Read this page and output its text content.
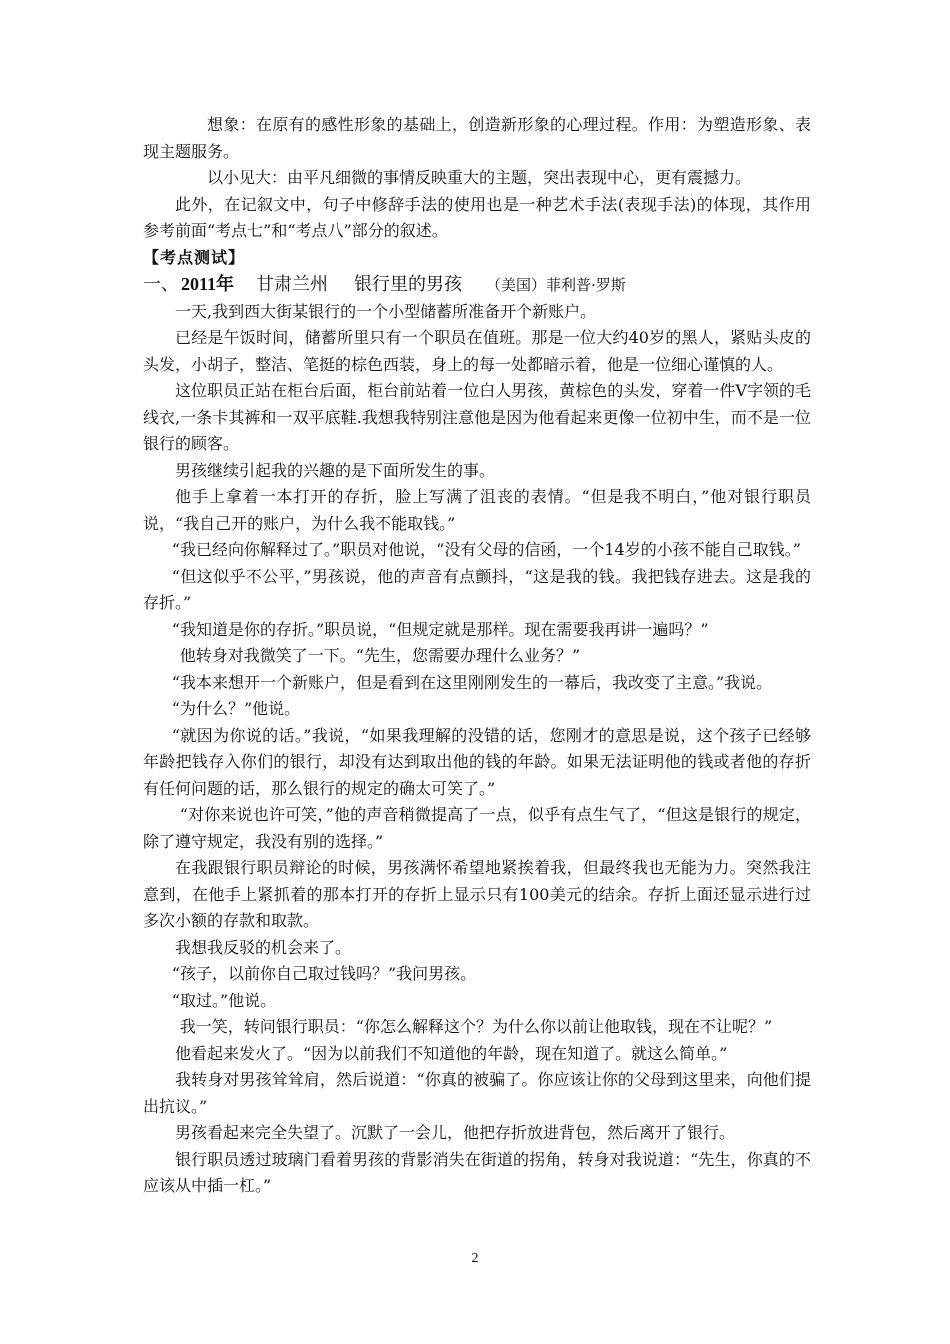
想象：在原有的感性形象的基础上，创造新形象的心理过程。作用：为塑造形象、表现主题服务。

以小见大：由平凡细微的事情反映重大的主题，突出表现中心，更有震撼力。

此外，在记叙文中，句子中修辞手法的使用也是一种艺术手法(表现手法)的体现，其作用参考前面“考点七”和“考点八”部分的叙述。

【考点测试】

一、 2011年 甘肃兰州 银行里的男孩 （美国）菲利普·罗斯

一天,我到西大街某银行的一个小型储蓄所准备开个新账户。

已经是午饭时间，储蓄所里只有一个职员在值班。那是一位大约40岁的黑人，紧贴头皮的头发，小胡子，整洁、笔挺的棕色西装，身上的每一处都暗示着，他是一位细心谨慎的人。

这位职员正站在柜台后面，柜台前站着一位白人男孩，黄棕色的头发，穿着一件V字领的毛线衣,一条卡其裤和一双平底鞋.我想我特别注意他是因为他看起来更像一位初中生，而不是一位银行的顾客。

男孩继续引起我的兴趣的是下面所发生的事。

他手上拿着一本打开的存折，脸上写满了沮丧的表情。“但是我不明白，”他对银行职员说，“我自己开的账户，为什么我不能取钱。”

“我已经向你解释过了。”职员对他说，“没有父母的信函，一个14岁的小孩不能自己取钱。”

“但这似乎不公平，”男孩说，他的声音有点颤抖，“这是我的钱。我把钱存进去。这是我的存折。”

“我知道是你的存折。”职员说，“但规定就是那样。现在需要我再讲一遍吗？”

他转身对我微笑了一下。“先生，您需要办理什么业务？”

“我本来想开一个新账户，但是看到在这里刚刚发生的一幕后，我改变了主意。”我说。

“为什么？”他说。

“就因为你说的话。”我说，“如果我理解的没错的话，您刚才的意思是说，这个孩子已经够年龄把钱存入你们的银行，却没有达到取出他的钱的年龄。如果无法证明他的钱或者他的存折有任何问题的话，那么银行的规定的确太可笑了。”

“对你来说也许可笑，”他的声音稍微提高了一点，似乎有点生气了，“但这是银行的规定，除了遵守规定，我没有别的选择。”

在我跟银行职员辩论的时候，男孩满怀希望地紧挨着我，但最终我也无能为力。突然我注意到，在他手上紧抓着的那本打开的存折上显示只有100美元的结余。存折上面还显示进行过多次小额的存款和取款。

我想我反驳的机会来了。

“孩子，以前你自己取过钱吗？”我问男孩。

“取过。”他说。

我一笑，转问银行职员：“你怎么解释这个？为什么你以前让他取钱，现在不让呢？”

他看起来发火了。“因为以前我们不知道他的年龄，现在知道了。就这么简单。”

我转身对男孩耸耸肩，然后说道：“你真的被骗了。你应该让你的父母到这里来，向他们提出抗议。”

男孩看起来完全失望了。沉默了一会儿，他把存折放进背包，然后离开了银行。

银行职员透过玻璃门看着男孩的背影消失在街道的拐角，转身对我说道：“先生，你真的不应该从中插一杠。”

2
